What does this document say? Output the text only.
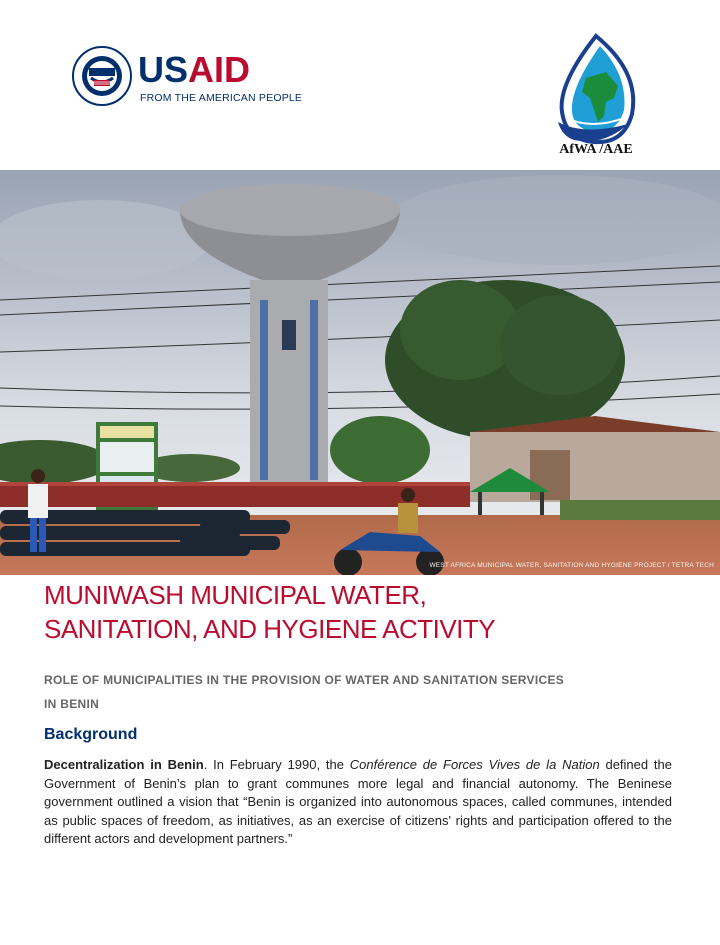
USAID
FROM THE AMERICAN PEOPLE
AfWA /AAE
WEST AFRICA MUNICIPAL WATER, SANITATION AND HYGIENE PROJECT / TETRA TECH
MUNIWASH MUNICIPAL WATER,
SANITATION, AND HYGIENE ACTIVITY
ROLE OF MUNICIPALITIES IN THE PROVISION OF WATER AND SANITATION SERVICES
IN BENIN
Background

Decentralization in Benin. In February 1990, the Conférence de Forces Vives de la Nation defined the Government of Benin’s plan to grant communes more legal and financial autonomy. The Beninese government outlined a vision that “Benin is organized into autonomous spaces, called communes, intended as public spaces of freedom, as initiatives, as an exercise of citizens' rights and participation offered to the different actors and development partners.”
